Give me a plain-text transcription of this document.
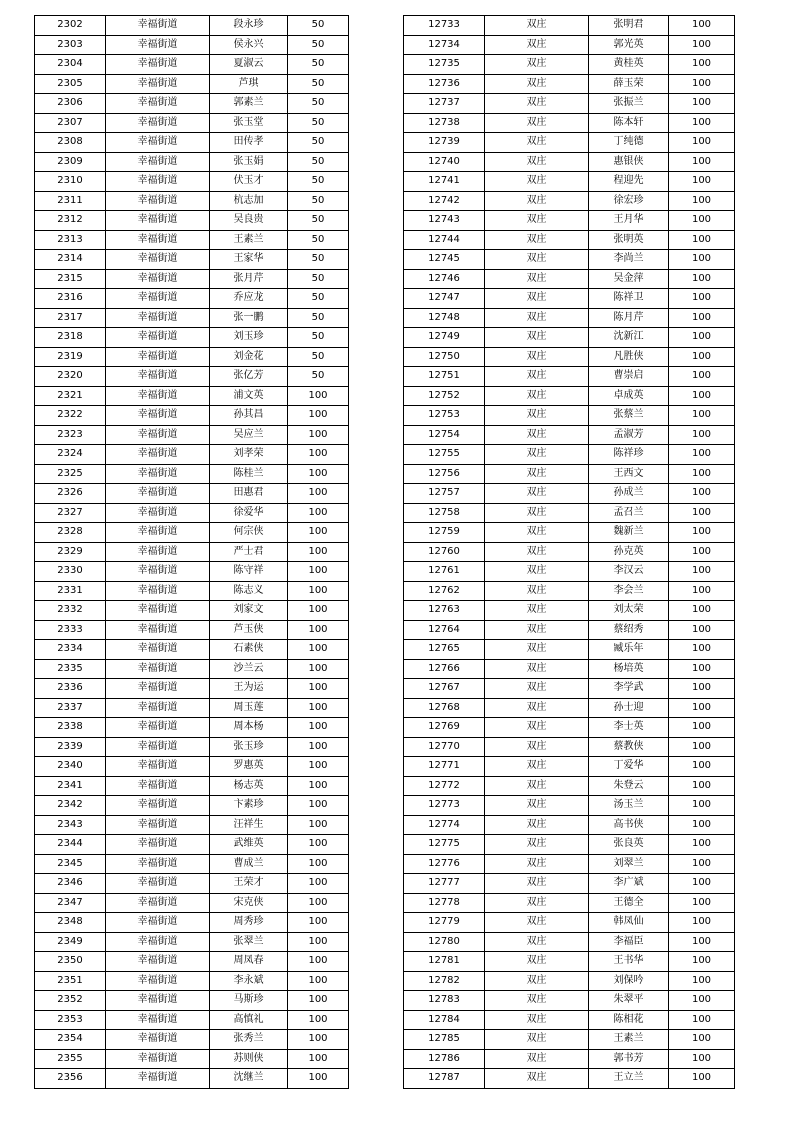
2302	幸福街道	段永珍	50
2303	幸福街道	侯永兴	50
2304	幸福街道	夏淑云	50
2305	幸福街道	芦琪	50
2306	幸福街道	郭素兰	50
2307	幸福街道	张玉堂	50
2308	幸福街道	田传孝	50
2309	幸福街道	张玉娟	50
2310	幸福街道	伏玉才	50
2311	幸福街道	杭志加	50
2312	幸福街道	吴良贵	50
2313	幸福街道	王素兰	50
2314	幸福街道	王家华	50
2315	幸福街道	张月芹	50
2316	幸福街道	乔应龙	50
2317	幸福街道	张一鹏	50
2318	幸福街道	刘玉珍	50
2319	幸福街道	刘金花	50
2320	幸福街道	张亿芳	50
2321	幸福街道	浦文英	100
2322	幸福街道	孙其昌	100
2323	幸福街道	吴应兰	100
2324	幸福街道	刘孝荣	100
2325	幸福街道	陈桂兰	100
2326	幸福街道	田惠君	100
2327	幸福街道	徐爱华	100
2328	幸福街道	何宗侠	100
2329	幸福街道	严士君	100
2330	幸福街道	陈守祥	100
2331	幸福街道	陈志义	100
2332	幸福街道	刘家文	100
2333	幸福街道	芦玉侠	100
2334	幸福街道	石素侠	100
2335	幸福街道	沙兰云	100
2336	幸福街道	王为运	100
2337	幸福街道	周玉莲	100
2338	幸福街道	周本杨	100
2339	幸福街道	张玉珍	100
2340	幸福街道	罗惠英	100
2341	幸福街道	杨志英	100
2342	幸福街道	卞素珍	100
2343	幸福街道	汪祥生	100
2344	幸福街道	武维英	100
2345	幸福街道	曹成兰	100
2346	幸福街道	王荣才	100
2347	幸福街道	宋克侠	100
2348	幸福街道	周秀珍	100
2349	幸福街道	张翠兰	100
2350	幸福街道	周凤春	100
2351	幸福街道	李永斌	100
2352	幸福街道	马斯珍	100
2353	幸福街道	高慎礼	100
2354	幸福街道	张秀兰	100
2355	幸福街道	苏则侠	100
2356	幸福街道	沈继兰	100
12733	双庄	张明君	100
12734	双庄	郭光英	100
12735	双庄	黄桂英	100
12736	双庄	薛玉荣	100
12737	双庄	张振兰	100
12738	双庄	陈本轩	100
12739	双庄	丁纯德	100
12740	双庄	惠银侠	100
12741	双庄	程迎先	100
12742	双庄	徐宏珍	100
12743	双庄	王月华	100
12744	双庄	张明英	100
12745	双庄	李尚兰	100
12746	双庄	吴金萍	100
12747	双庄	陈祥卫	100
12748	双庄	陈月芹	100
12749	双庄	沈新江	100
12750	双庄	凡胜侠	100
12751	双庄	曹崇启	100
12752	双庄	卓成英	100
12753	双庄	张蔡兰	100
12754	双庄	孟淑芳	100
12755	双庄	陈祥珍	100
12756	双庄	王西文	100
12757	双庄	孙成兰	100
12758	双庄	孟召兰	100
12759	双庄	魏新兰	100
12760	双庄	孙克英	100
12761	双庄	李汉云	100
12762	双庄	李会兰	100
12763	双庄	刘太荣	100
12764	双庄	蔡绍秀	100
12765	双庄	臧乐年	100
12766	双庄	杨培英	100
12767	双庄	李学武	100
12768	双庄	孙士迎	100
12769	双庄	李士英	100
12770	双庄	蔡教侠	100
12771	双庄	丁爱华	100
12772	双庄	朱登云	100
12773	双庄	汤玉兰	100
12774	双庄	高书侠	100
12775	双庄	张良英	100
12776	双庄	刘翠兰	100
12777	双庄	李广斌	100
12778	双庄	王德全	100
12779	双庄	韩凤仙	100
12780	双庄	李福臣	100
12781	双庄	王书华	100
12782	双庄	刘保吟	100
12783	双庄	朱翠平	100
12784	双庄	陈相花	100
12785	双庄	王素兰	100
12786	双庄	郭书芳	100
12787	双庄	王立兰	100
